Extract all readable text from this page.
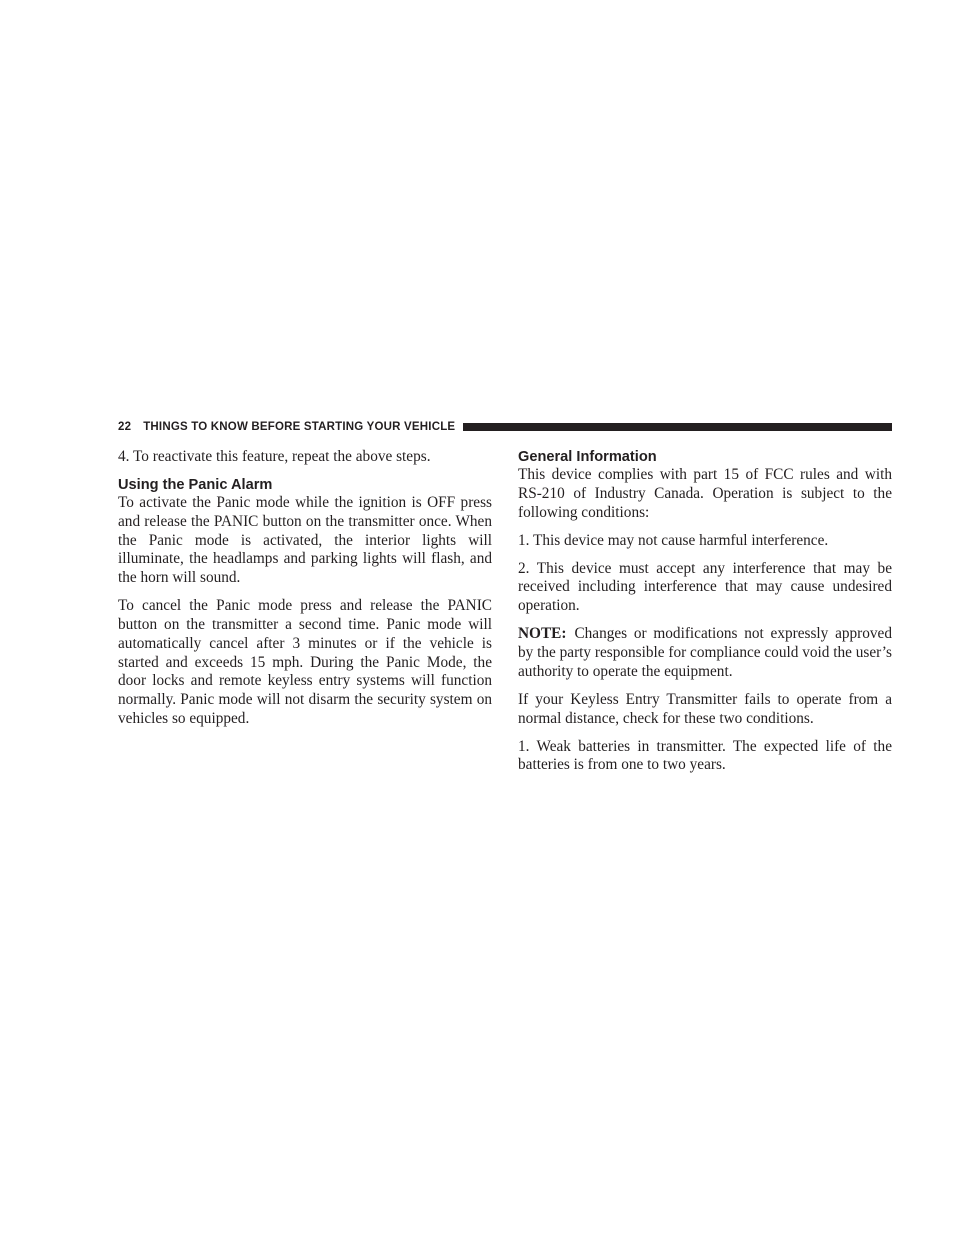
22 THINGS TO KNOW BEFORE STARTING YOUR VEHICLE

4. To reactivate this feature, repeat the above steps.

Using the Panic Alarm

To activate the Panic mode while the ignition is OFF press and release the PANIC button on the transmitter once. When the Panic mode is activated, the interior lights will illuminate, the headlamps and parking lights will flash, and the horn will sound.

To cancel the Panic mode press and release the PANIC button on the transmitter a second time. Panic mode will automatically cancel after 3 minutes or if the vehicle is started and exceeds 15 mph. During the Panic Mode, the door locks and remote keyless entry systems will function normally. Panic mode will not disarm the security system on vehicles so equipped.

General Information

This device complies with part 15 of FCC rules and with RS-210 of Industry Canada. Operation is subject to the following conditions:

1. This device may not cause harmful interference.

2. This device must accept any interference that may be received including interference that may cause undesired operation.

NOTE: Changes or modifications not expressly approved by the party responsible for compliance could void the user’s authority to operate the equipment.

If your Keyless Entry Transmitter fails to operate from a normal distance, check for these two conditions.

1. Weak batteries in transmitter. The expected life of the batteries is from one to two years.
